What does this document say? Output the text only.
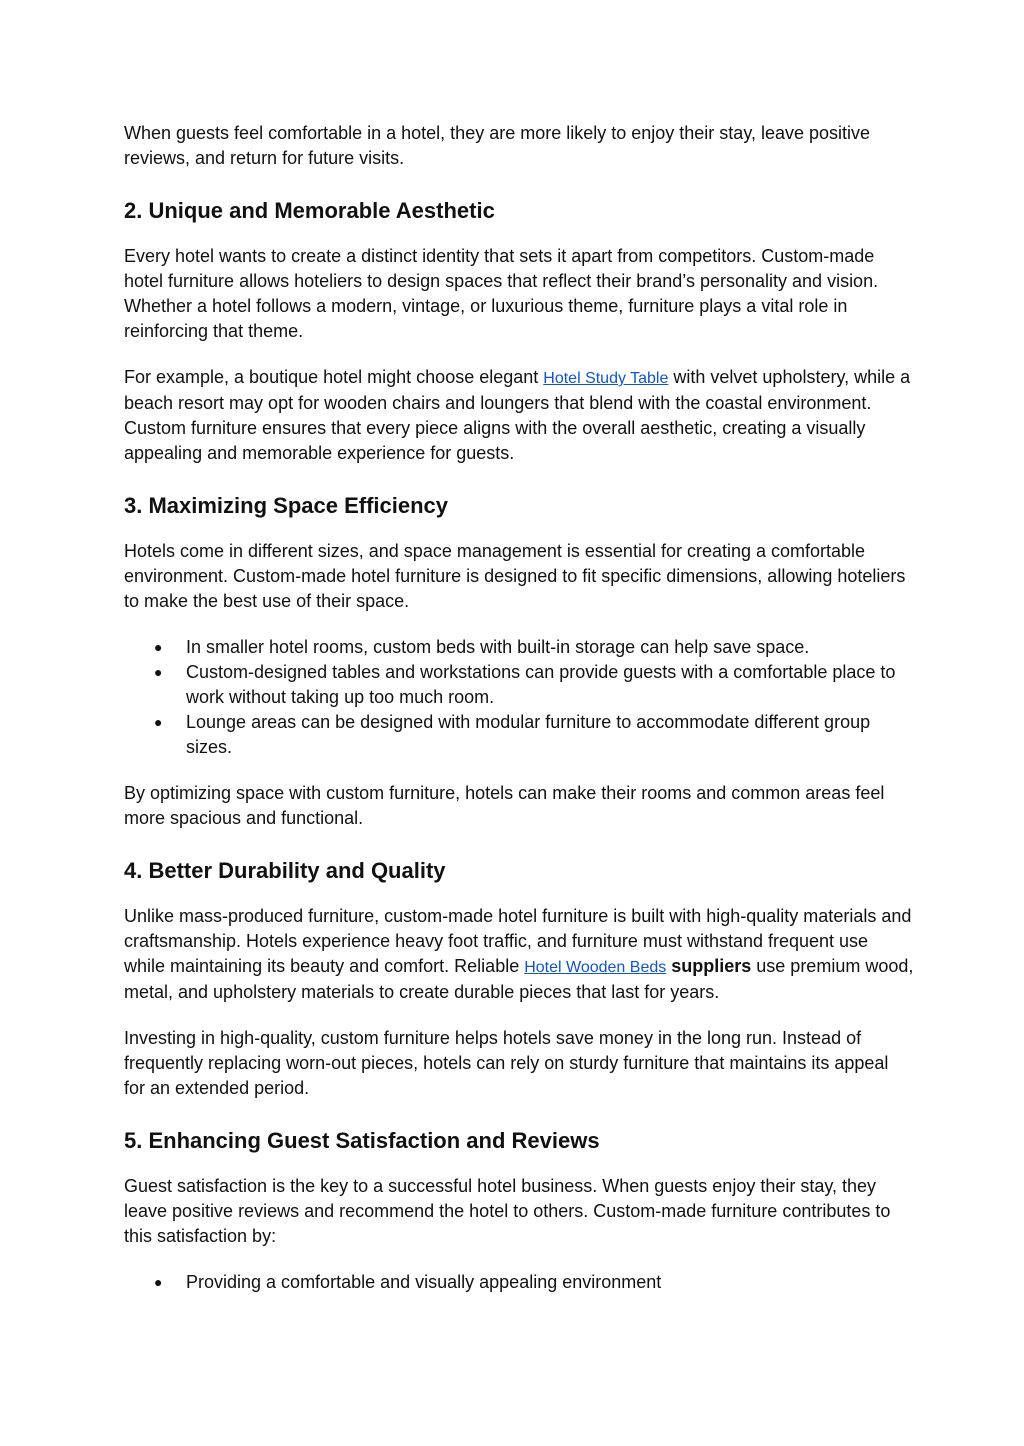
When guests feel comfortable in a hotel, they are more likely to enjoy their stay, leave positive reviews, and return for future visits.

2. Unique and Memorable Aesthetic

Every hotel wants to create a distinct identity that sets it apart from competitors. Custom-made hotel furniture allows hoteliers to design spaces that reflect their brand’s personality and vision. Whether a hotel follows a modern, vintage, or luxurious theme, furniture plays a vital role in reinforcing that theme.

For example, a boutique hotel might choose elegant Hotel Study Table with velvet upholstery, while a beach resort may opt for wooden chairs and loungers that blend with the coastal environment. Custom furniture ensures that every piece aligns with the overall aesthetic, creating a visually appealing and memorable experience for guests.

3. Maximizing Space Efficiency

Hotels come in different sizes, and space management is essential for creating a comfortable environment. Custom-made hotel furniture is designed to fit specific dimensions, allowing hoteliers to make the best use of their space.

● In smaller hotel rooms, custom beds with built-in storage can help save space.
● Custom-designed tables and workstations can provide guests with a comfortable place to work without taking up too much room.
● Lounge areas can be designed with modular furniture to accommodate different group sizes.

By optimizing space with custom furniture, hotels can make their rooms and common areas feel more spacious and functional.

4. Better Durability and Quality

Unlike mass-produced furniture, custom-made hotel furniture is built with high-quality materials and craftsmanship. Hotels experience heavy foot traffic, and furniture must withstand frequent use while maintaining its beauty and comfort. Reliable Hotel Wooden Beds suppliers use premium wood, metal, and upholstery materials to create durable pieces that last for years.

Investing in high-quality, custom furniture helps hotels save money in the long run. Instead of frequently replacing worn-out pieces, hotels can rely on sturdy furniture that maintains its appeal for an extended period.

5. Enhancing Guest Satisfaction and Reviews

Guest satisfaction is the key to a successful hotel business. When guests enjoy their stay, they leave positive reviews and recommend the hotel to others. Custom-made furniture contributes to this satisfaction by:

● Providing a comfortable and visually appealing environment
